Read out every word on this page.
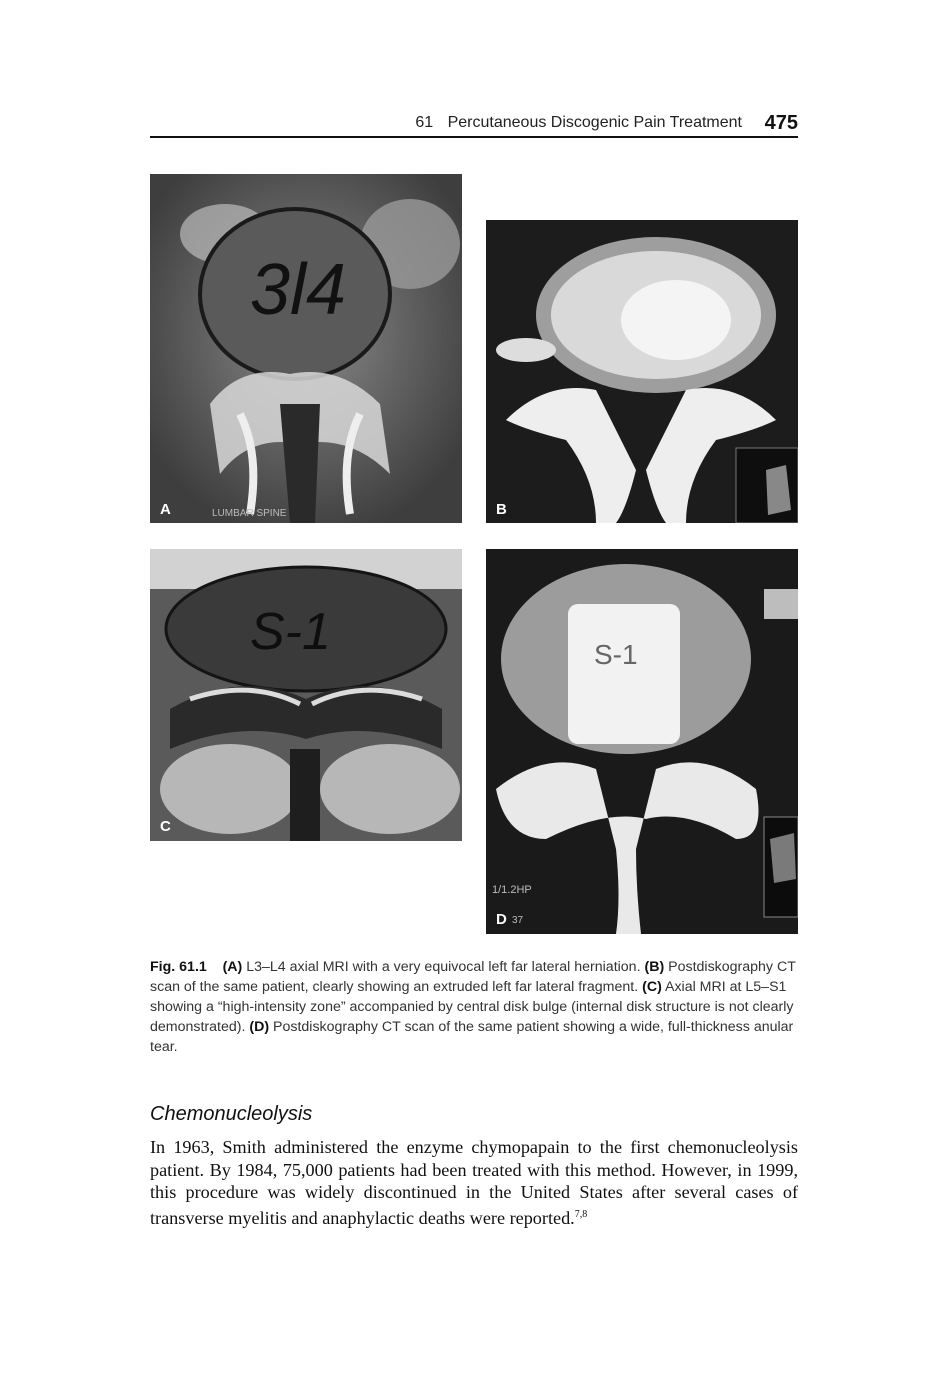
61 Percutaneous Discogenic Pain Treatment 475
3l4
LUMBAR SPINE
A	B
S-1
C
S-1
1/1.2HP
37
D
Fig. 61.1 (A) L3–L4 axial MRI with a very equivocal left far lateral herniation. (B) Postdiskography CT scan of the same patient, clearly showing an extruded left far lateral fragment. (C) Axial MRI at L5–S1 showing a “high-intensity zone” accompanied by central disk bulge (internal disk structure is not clearly demonstrated). (D) Postdiskography CT scan of the same patient showing a wide, full-thickness anular tear.
Chemonucleolysis
In 1963, Smith administered the enzyme chymopapain to the first chemonucleolysis patient. By 1984, 75,000 patients had been treated with this method. However, in 1999, this procedure was widely discontinued in the United States after several cases of transverse myelitis and anaphylactic deaths were reported.$^{7,8}$
